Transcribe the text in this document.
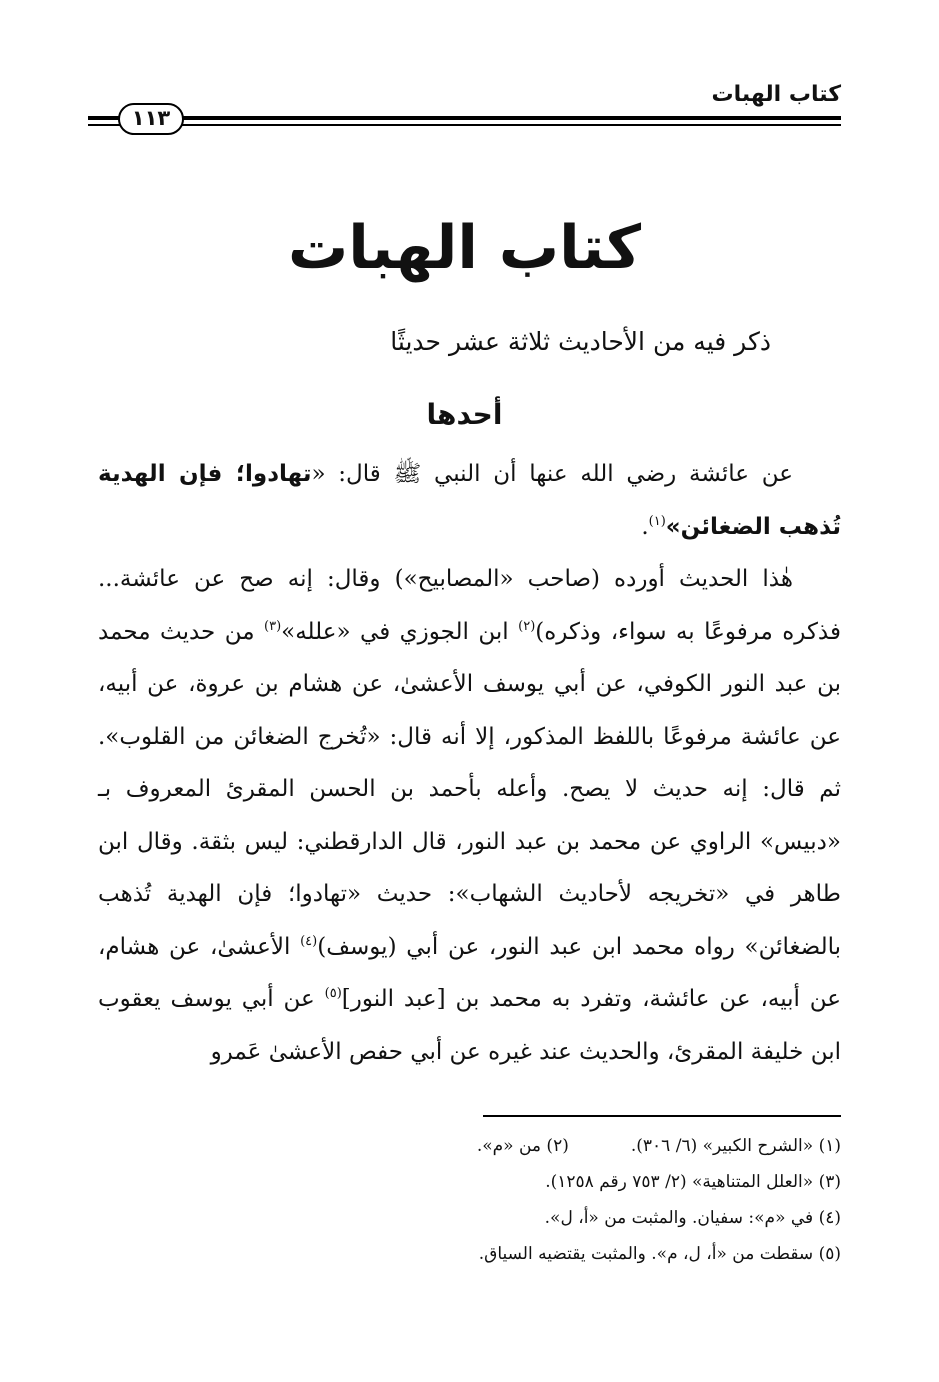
كتاب الهبات
١١٣
كتاب الهبات
ذكر فيه من الأحاديث ثلاثة عشر حديثًا
أحدها

عن عائشة رضي الله عنها أن النبي ﷺ قال: «تهادوا؛ فإن الهدية تُذهب الضغائن»$^{(١)}$.

هٰذا الحديث أورده (صاحب «المصابيح») وقال: إنه صح عن عائشة... فذكره مرفوعًا به سواء، وذكره)$^{(٢)}$ ابن الجوزي في «علله»$^{(٣)}$ من حديث محمد بن عبد النور الكوفي، عن أبي يوسف الأعشىٰ، عن هشام بن عروة، عن أبيه، عن عائشة مرفوعًا باللفظ المذكور، إلا أنه قال: «تُخرج الضغائن من القلوب». ثم قال: إنه حديث لا يصح. وأعله بأحمد بن الحسن المقرئ المعروف بـ «دبيس» الراوي عن محمد بن عبد النور، قال الدارقطني: ليس بثقة. وقال ابن طاهر في «تخريجه لأحاديث الشهاب»: حديث «تهادوا؛ فإن الهدية تُذهب بالضغائن» رواه محمد ابن عبد النور، عن أبي (يوسف)$^{(٤)}$ الأعشىٰ، عن هشام، عن أبيه، عن عائشة، وتفرد به محمد بن [عبد النور]$^{(٥)}$ عن أبي يوسف يعقوب ابن خليفة المقرئ، والحديث عند غيره عن أبي حفص الأعشىٰ عَمرو

(١) «الشرح الكبير» (٦/ ٣٠٦).(٢) من «م».
(٣) «العلل المتناهية» (٢/ ٧٥٣ رقم ١٢٥٨).
(٤) في «م»: سفيان. والمثبت من «أ، ل».
(٥) سقطت من «أ، ل، م». والمثبت يقتضيه السياق.
